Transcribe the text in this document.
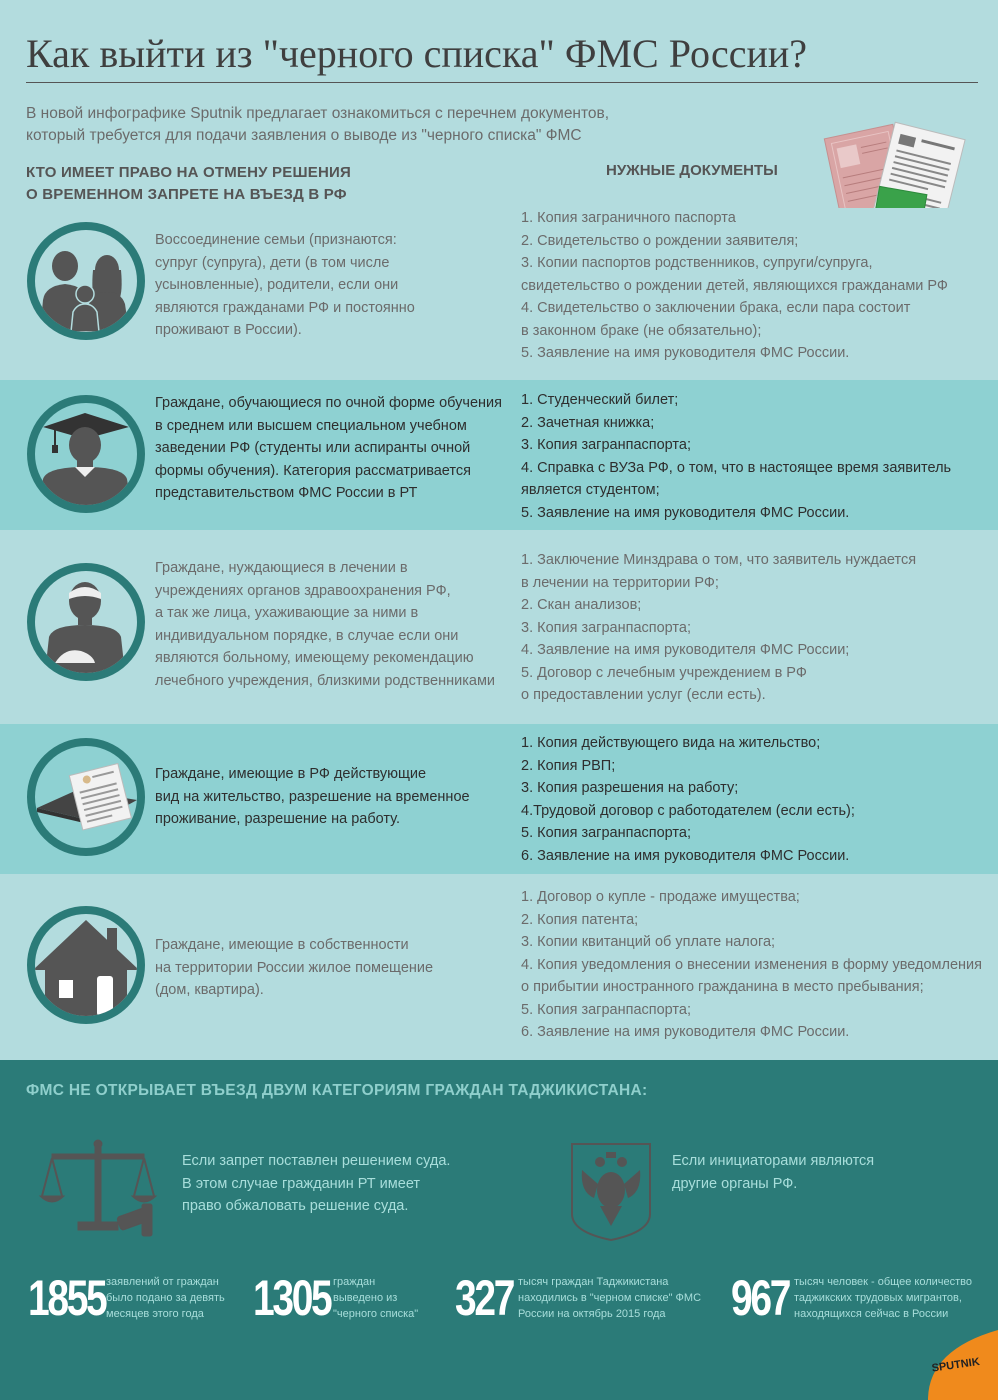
Как выйти из "черного списка" ФМС России?
В новой инфографике Sputnik предлагает ознакомиться с перечнем документов,
который требуется для подачи заявления о выводе из "черного списка" ФМС
КТО ИМЕЕТ ПРАВО НА ОТМЕНУ РЕШЕНИЯ
О ВРЕМЕННОМ ЗАПРЕТЕ НА ВЪЕЗД В РФ
НУЖНЫЕ ДОКУМЕНТЫ
Воссоединение семьи (признаются:
супруг (супруга), дети (в том числе
усыновленные), родители, если они
являются гражданами РФ и постоянно
проживают в России).
1. Копия заграничного паспорта
2. Свидетельство о рождении заявителя;
3. Копии паспортов родственников, супруги/супруга,
свидетельство о рождении детей, являющихся гражданами РФ
4. Свидетельство о заключении брака, если пара состоит
в законном браке (не обязательно);
5. Заявление на имя руководителя ФМС России.
Граждане, обучающиеся по очной форме обучения
в среднем или высшем специальном учебном
заведении РФ (студенты или аспиранты очной
формы обучения). Категория рассматривается
представительством ФМС России в РТ
1. Студенческий билет;
2. Зачетная книжка;
3. Копия загранпаспорта;
4. Справка с ВУЗа РФ, о том, что в настоящее время заявитель
является студентом;
5. Заявление на имя руководителя ФМС России.
Граждане, нуждающиеся в лечении в
учреждениях органов здравоохранения РФ,
а так же лица, ухаживающие за ними в
индивидуальном порядке, в случае если они
являются больному, имеющему рекомендацию
лечебного учреждения, близкими родственниками
1. Заключение Минздрава о том, что заявитель нуждается
в лечении на территории РФ;
2. Скан анализов;
3. Копия загранпаспорта;
4. Заявление на имя руководителя ФМС России;
5. Договор с лечебным учреждением в РФ
о предоставлении услуг (если есть).
Граждане, имеющие в РФ действующие
вид на жительство, разрешение на временное
проживание, разрешение на работу.
1. Копия действующего вида на жительство;
2. Копия РВП;
3. Копия разрешения на работу;
4.Трудовой договор с работодателем (если есть);
5. Копия загранпаспорта;
6. Заявление на имя руководителя ФМС России.
Граждане, имеющие в собственности
на территории России жилое помещение
(дом, квартира).
1. Договор о купле - продаже имущества;
2. Копия патента;
3. Копии квитанций об уплате налога;
4. Копия уведомления о внесении изменения в форму уведомления
о прибытии иностранного гражданина в место пребывания;
5. Копия загранпаспорта;
6. Заявление на имя руководителя ФМС России.
ФМС НЕ ОТКРЫВАЕТ ВЪЕЗД ДВУМ КАТЕГОРИЯМ ГРАЖДАН ТАДЖИКИСТАНА:
Если запрет поставлен решением суда.
В этом случае гражданин РТ имеет
право обжаловать решение суда.
Если инициаторами являются
другие органы РФ.
1855 заявлений от граждан
было подано за девять
месяцев этого года 1305 граждан
выведено из
"черного списка" 327 тысяч граждан Таджикистана
находились в "черном списке" ФМС
России на октябрь 2015 года	967 тысяч человек - общее количество
таджикских трудовых мигрантов,
находящихся сейчас в России
SPUTNIK
